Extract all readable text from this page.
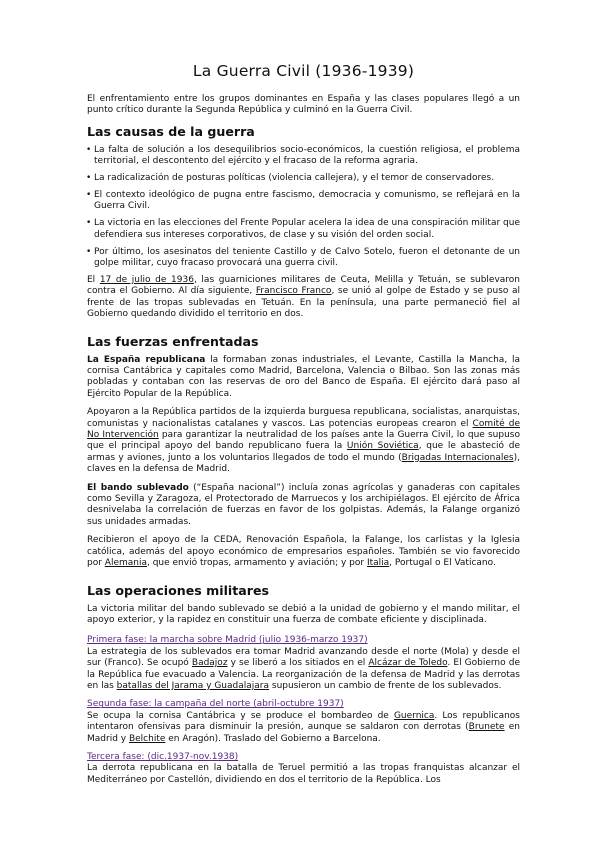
La Guerra Civil (1936-1939)

El enfrentamiento entre los grupos dominantes en España y las clases populares llegó a un punto crítico durante la Segunda República y culminó en la Guerra Civil.

Las causas de la guerra
• La falta de solución a los desequilibrios socio-económicos, la cuestión religiosa, el problema territorial, el descontento del ejército y el fracaso de la reforma agraria.
• La radicalización de posturas políticas (violencia callejera), y el temor de conservadores.
• El contexto ideológico de pugna entre fascismo, democracia y comunismo, se reflejará en la Guerra Civil.
• La victoria en las elecciones del Frente Popular acelera la idea de una conspiración militar que defendiera sus intereses corporativos, de clase y su visión del orden social.
• Por último, los asesinatos del teniente Castillo y de Calvo Sotelo, fueron el detonante de un golpe militar, cuyo fracaso provocará una guerra civil.

El 17 de julio de 1936, las guarniciones militares de Ceuta, Melilla y Tetuán, se sublevaron contra el Gobierno. Al día siguiente, Francisco Franco, se unió al golpe de Estado y se puso al frente de las tropas sublevadas en Tetuán. En la península, una parte permaneció fiel al Gobierno quedando dividido el territorio en dos.

Las fuerzas enfrentadas

La España republicana la formaban zonas industriales, el Levante, Castilla la Mancha, la cornisa Cantábrica y capitales como Madrid, Barcelona, Valencia o Bilbao. Son las zonas más pobladas y contaban con las reservas de oro del Banco de España. El ejército dará paso al Ejército Popular de la República.

Apoyaron a la República partidos de la izquierda burguesa republicana, socialistas, anarquistas, comunistas y nacionalistas catalanes y vascos. Las potencias europeas crearon el Comité de No Intervención para garantizar la neutralidad de los países ante la Guerra Civil, lo que supuso que el principal apoyo del bando republicano fuera la Unión Soviética, que le abasteció de armas y aviones, junto a los voluntarios llegados de todo el mundo (Brigadas Internacionales), claves en la defensa de Madrid.

El bando sublevado (“España nacional”) incluía zonas agrícolas y ganaderas con capitales como Sevilla y Zaragoza, el Protectorado de Marruecos y los archipiélagos. El ejército de África desnivelaba la correlación de fuerzas en favor de los golpistas. Además, la Falange organizó sus unidades armadas.

Recibieron el apoyo de la CEDA, Renovación Española, la Falange, los carlistas y la Iglesia católica, además del apoyo económico de empresarios españoles. También se vio favorecido por Alemania, que envió tropas, armamento y aviación; y por Italia, Portugal o El Vaticano.

Las operaciones militares

La victoria militar del bando sublevado se debió a la unidad de gobierno y el mando militar, el apoyo exterior, y la rapidez en constituir una fuerza de combate eficiente y disciplinada.

Primera fase: la marcha sobre Madrid (julio 1936-marzo 1937)

La estrategia de los sublevados era tomar Madrid avanzando desde el norte (Mola) y desde el sur (Franco). Se ocupó Badajoz y se liberó a los sitiados en el Alcázar de Toledo. El Gobierno de la República fue evacuado a Valencia. La reorganización de la defensa de Madrid y las derrotas en las batallas del Jarama y Guadalajara supusieron un cambio de frente de los sublevados.

Segunda fase: la campaña del norte (abril-octubre 1937)

Se ocupa la cornisa Cantábrica y se produce el bombardeo de Guernica. Los republicanos intentaron ofensivas para disminuir la presión, aunque se saldaron con derrotas (Brunete en Madrid y Belchite en Aragón). Traslado del Gobierno a Barcelona.

Tercera fase: (dic.1937-nov.1938)

La derrota republicana en la batalla de Teruel permitió a las tropas franquistas alcanzar el Mediterráneo por Castellón, dividiendo en dos el territorio de la República. Los
